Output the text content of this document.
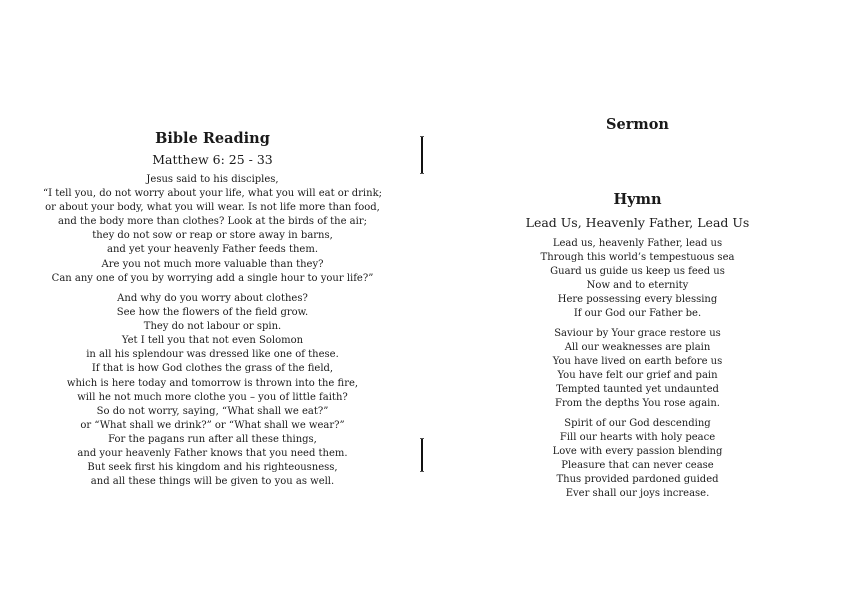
Bible Reading
Matthew 6: 25 - 33
Jesus said to his disciples,
“I tell you, do not worry about your life, what you will eat or drink;
or about your body, what you will wear. Is not life more than food,
and the body more than clothes? Look at the birds of the air;
they do not sow or reap or store away in barns,
and yet your heavenly Father feeds them.
Are you not much more valuable than they?
Can any one of you by worrying add a single hour to your life?”
And why do you worry about clothes?
See how the flowers of the field grow.
They do not labour or spin.
Yet I tell you that not even Solomon
in all his splendour was dressed like one of these.
If that is how God clothes the grass of the field,
which is here today and tomorrow is thrown into the fire,
will he not much more clothe you – you of little faith?
So do not worry, saying, “What shall we eat?”
or “What shall we drink?” or “What shall we wear?”
For the pagans run after all these things,
and your heavenly Father knows that you need them.
But seek first his kingdom and his righteousness,
and all these things will be given to you as well.
Sermon
Hymn
Lead Us, Heavenly Father, Lead Us
Lead us, heavenly Father, lead us
Through this world’s tempestuous sea
Guard us guide us keep us feed us
Now and to eternity
Here possessing every blessing
If our God our Father be.
Saviour by Your grace restore us
All our weaknesses are plain
You have lived on earth before us
You have felt our grief and pain
Tempted taunted yet undaunted
From the depths You rose again.
Spirit of our God descending
Fill our hearts with holy peace
Love with every passion blending
Pleasure that can never cease
Thus provided pardoned guided
Ever shall our joys increase.
